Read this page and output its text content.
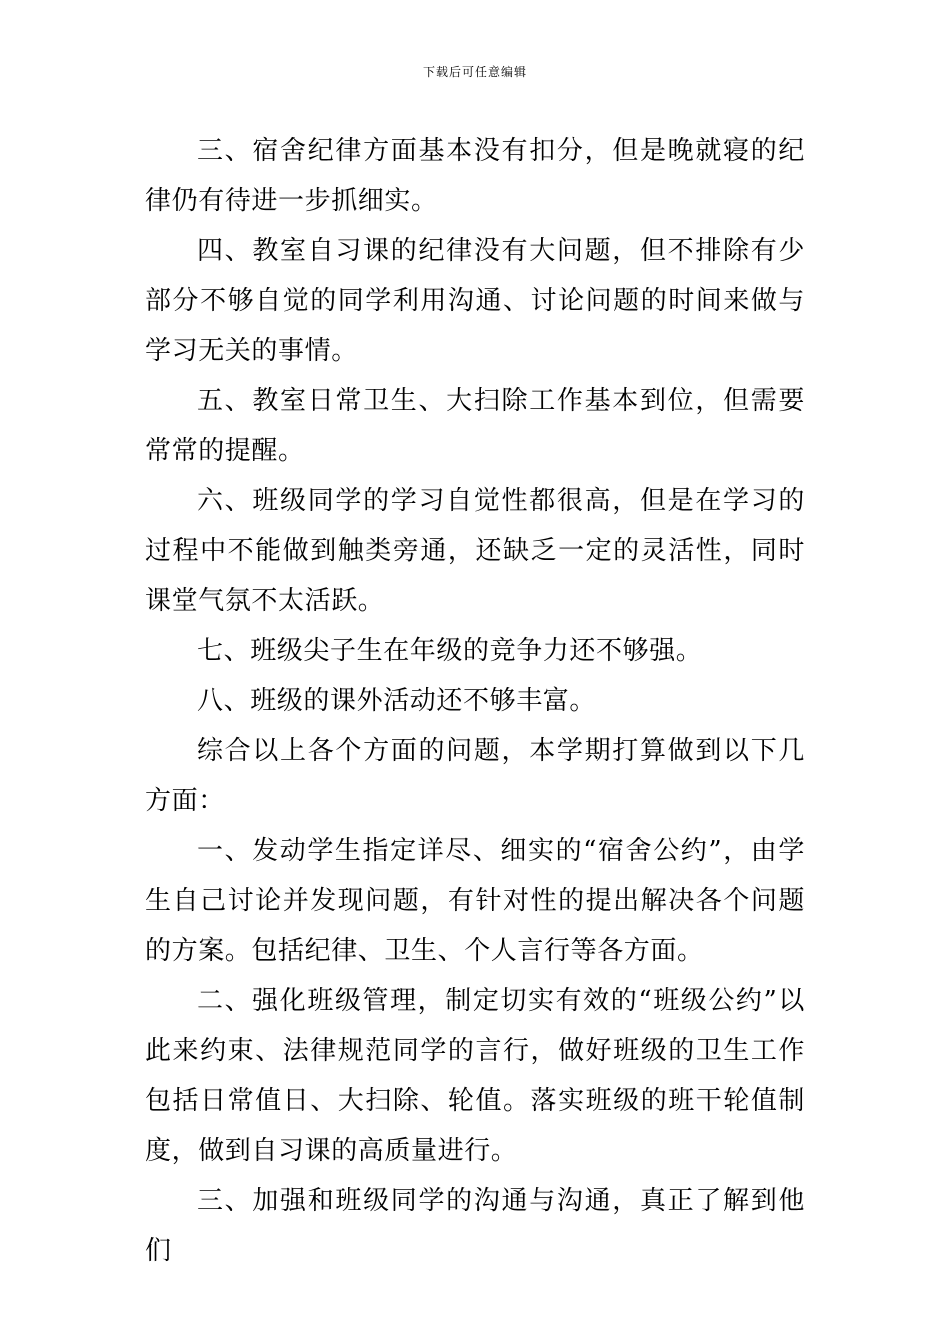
下载后可任意编辑

三、宿舍纪律方面基本没有扣分，但是晚就寝的纪律仍有待进一步抓细实。

四、教室自习课的纪律没有大问题，但不排除有少部分不够自觉的同学利用沟通、讨论问题的时间来做与学习无关的事情。

五、教室日常卫生、大扫除工作基本到位，但需要常常的提醒。

六、班级同学的学习自觉性都很高，但是在学习的过程中不能做到触类旁通，还缺乏一定的灵活性，同时课堂气氛不太活跃。

七、班级尖子生在年级的竞争力还不够强。

八、班级的课外活动还不够丰富。

综合以上各个方面的问题，本学期打算做到以下几方面：

一、发动学生指定详尽、细实的“宿舍公约”，由学生自己讨论并发现问题，有针对性的提出解决各个问题的方案。包括纪律、卫生、个人言行等各方面。

二、强化班级管理，制定切实有效的“班级公约”以此来约束、法律规范同学的言行，做好班级的卫生工作包括日常值日、大扫除、轮值。落实班级的班干轮值制度，做到自习课的高质量进行。

三、加强和班级同学的沟通与沟通，真正了解到他们
